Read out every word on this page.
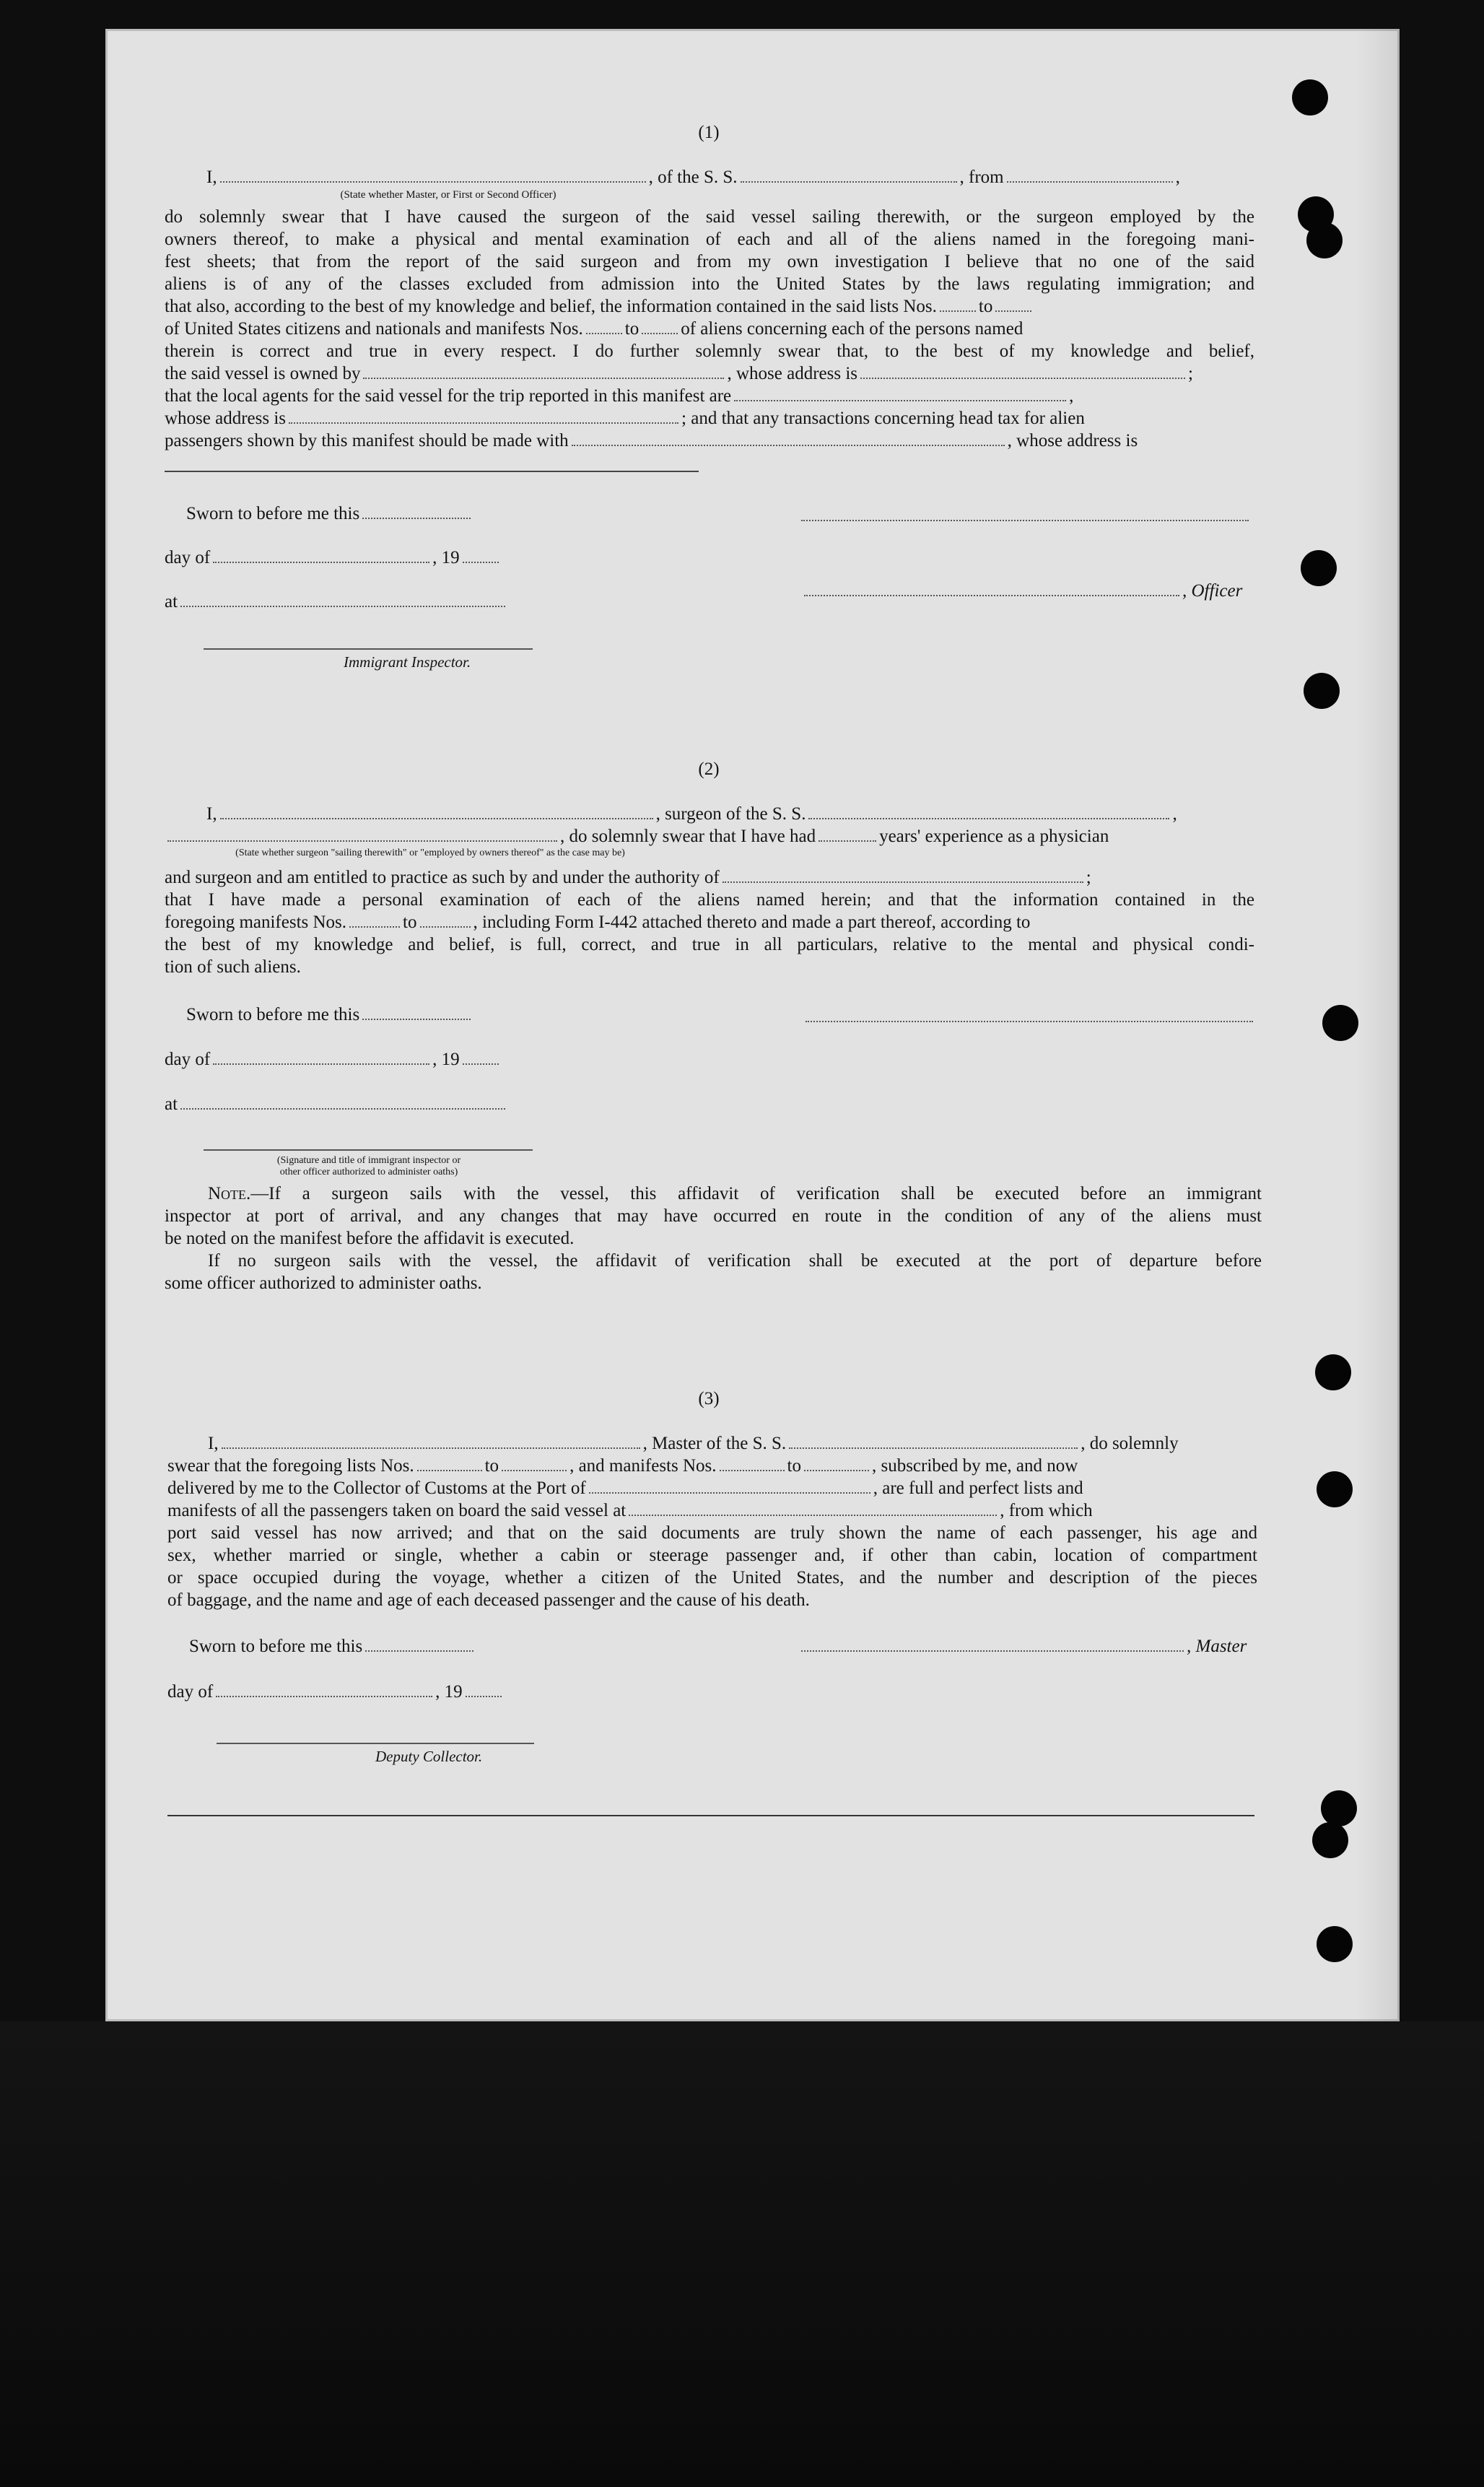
(1)
I,	, of the S. S.	, from	,
(State whether Master, or First or Second Officer)
do solemnly swear that I have caused the surgeon of the said vessel sailing therewith, or the surgeon employed by the
owners thereof, to make a physical and mental examination of each and all of the aliens named in the foregoing mani-
fest sheets; that from the report of the said surgeon and from my own investigation I believe that no one of the said
aliens is of any of the classes excluded from admission into the United States by the laws regulating immigration; and
that also, according to the best of my knowledge and belief, the information contained in the said lists Nos. to
of United States citizens and nationals and manifests Nos. to of aliens concerning each of the persons named
therein is correct and true in every respect. I do further solemnly swear that, to the best of my knowledge and belief,
the said vessel is owned by	, whose address is	;
that the local agents for the said vessel for the trip reported in this manifest are	,
whose address is	; and that any transactions concerning head tax for alien
passengers shown by this manifest should be made with	, whose address is
Sworn to before me this
day of	, 19
, Officer
at
Immigrant Inspector.
(2)
I,	, surgeon of the S. S.	,
, do solemnly swear that I have had	years' experience as a physician
(State whether surgeon "sailing therewith" or "employed by owners thereof" as the case may be)
and surgeon and am entitled to practice as such by and under the authority of	;
that I have made a personal examination of each of the aliens named herein; and that the information contained in the
foregoing manifests Nos.	to	, including Form I-442 attached thereto and made a part thereof, according to
the best of my knowledge and belief, is full, correct, and true in all particulars, relative to the mental and physical condi-
tion of such aliens.
Sworn to before me this
day of	, 19
at
(Signature and title of immigrant inspector or
other officer authorized to administer oaths)
Note.—If a surgeon sails with the vessel, this affidavit of verification shall be executed before an immigrant
inspector at port of arrival, and any changes that may have occurred en route in the condition of any of the aliens must
be noted on the manifest before the affidavit is executed.
If no surgeon sails with the vessel, the affidavit of verification shall be executed at the port of departure before
some officer authorized to administer oaths.
(3)
I,	, Master of the S. S.	, do solemnly
swear that the foregoing lists Nos.	to	, and manifests Nos.	to	, subscribed by me, and now
delivered by me to the Collector of Customs at the Port of	, are full and perfect lists and
manifests of all the passengers taken on board the said vessel at	, from which
port said vessel has now arrived; and that on the said documents are truly shown the name of each passenger, his age and
sex, whether married or single, whether a cabin or steerage passenger and, if other than cabin, location of compartment
or space occupied during the voyage, whether a citizen of the United States, and the number and description of the pieces
of baggage, and the name and age of each deceased passenger and the cause of his death.
Sworn to before me this	, Master
day of	, 19
Deputy Collector.
